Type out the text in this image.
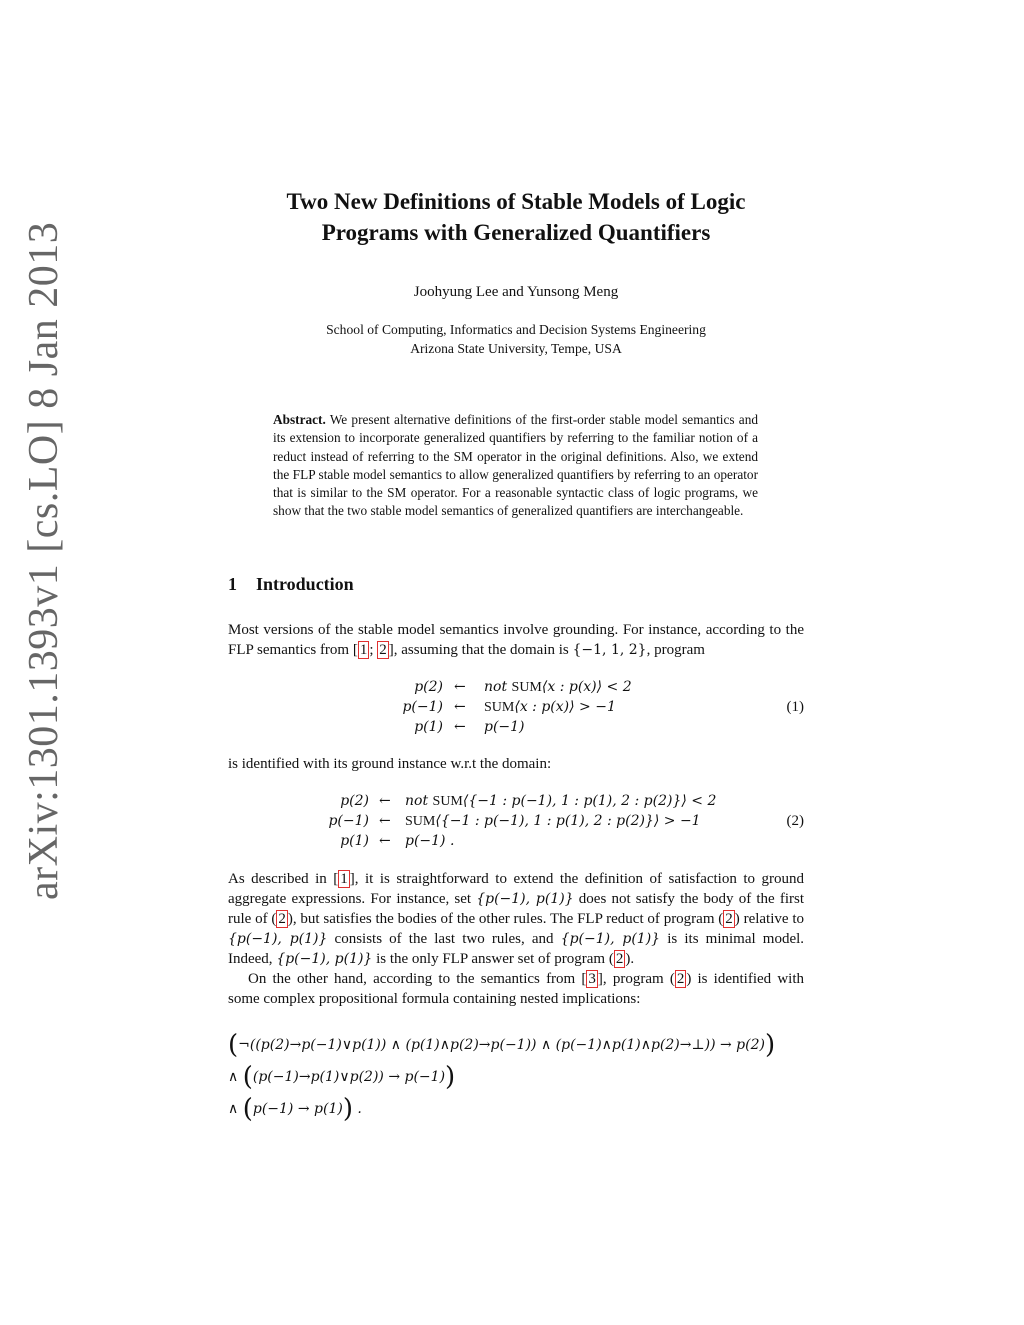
arXiv:1301.1393v1 [cs.LO] 8 Jan 2013
Two New Definitions of Stable Models of Logic
Programs with Generalized Quantifiers
Joohyung Lee and Yunsong Meng
School of Computing, Informatics and Decision Systems Engineering
Arizona State University, Tempe, USA

Abstract. We present alternative definitions of the first-order stable model semantics and its extension to incorporate generalized quantifiers by referring to the familiar notion of a reduct instead of referring to the SM operator in the original definitions. Also, we extend the FLP stable model semantics to allow generalized quantifiers by referring to an operator that is similar to the SM operator. For a reasonable syntactic class of logic programs, we show that the two stable model semantics of generalized quantifiers are interchangeable.

1 Introduction

Most versions of the stable model semantics involve grounding. For instance, according to the FLP semantics from [ 1 ; 2 ], assuming that the domain is {−1, 1, 2}, program

p(2) ← not SUM⟨x : p(x)⟩ < 2
p(−1) ← SUM⟨x : p(x)⟩ > −1	(1)
p(1) ← p(−1)

is identified with its ground instance w.r.t the domain:

p(2) ← not SUM⟨{−1 : p(−1), 1 : p(1), 2 : p(2)}⟩ < 2
p(−1) ← SUM⟨{−1 : p(−1), 1 : p(1), 2 : p(2)}⟩ > −1	(2)
p(1) ← p(−1) .

As described in [ 1 ], it is straightforward to extend the definition of satisfaction to ground aggregate expressions. For instance, set {p(−1), p(1)} does not satisfy the body of the first rule of ( 2 ), but satisfies the bodies of the other rules. The FLP reduct of program ( 2 ) relative to {p(−1), p(1)} consists of the last two rules, and {p(−1), p(1)} is its minimal model. Indeed, {p(−1), p(1)} is the only FLP answer set of program ( 2 ).

On the other hand, according to the semantics from [ 3 ], program ( 2 ) is identified with some complex propositional formula containing nested implications:

(¬((p(2)→p(−1)∨p(1)) ∧ (p(1)∧p(2)→p(−1)) ∧ (p(−1)∧p(1)∧p(2)→⊥)) → p(2))
∧ ((p(−1)→p(1)∨p(2)) → p(−1))
∧ (p(−1) → p(1)) .
